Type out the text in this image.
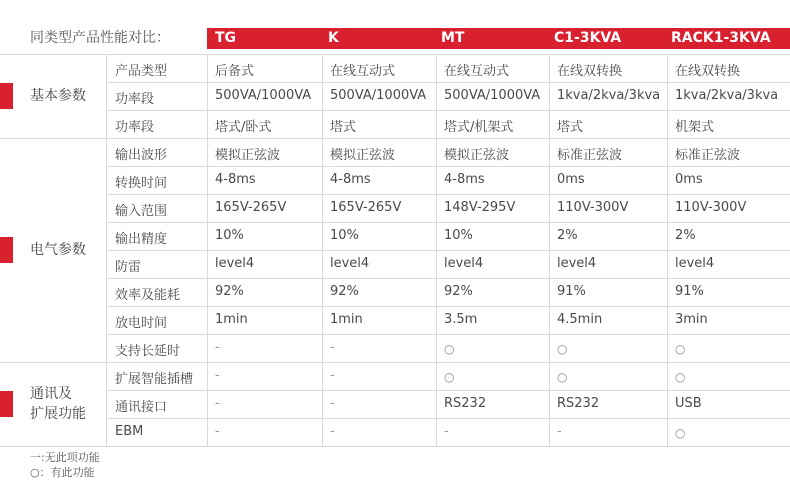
同类型产品性能对比：	TG	K	MT	C1-3KVA	RACK1-3KVA
产品类型	后备式	在线互动式	在线互动式	在线双转换	在线双转换
功率段	500VA/1000VA 500VA/1000VA 500VA/1000VA 1kva/2kva/3kva 1kva/2kva/3kva
功率段	塔式/卧式	塔式	塔式/机架式	塔式	机架式
基本参数
输出波形	模拟正弦波	模拟正弦波	模拟正弦波	标准正弦波	标准正弦波
转换时间	4-8ms	4-8ms	4-8ms	0ms	0ms
输入范围	165V-265V	165V-265V	148V-295V	110V-300V	110V-300V
输出精度	10%	10%	10%	2%	2%
防雷	level4	level4	level4	level4	level4
效率及能耗	92%	92%	92%	91%	91%
放电时间	1min	1min	3.5m	4.5min	3min
支持长延时	-	-	○	○	○
电气参数
扩展智能插槽 -	-	○	○	○
通讯接口	-	-	RS232	RS232	USB
EBM	-	-	-	-	○
通讯及
扩展功能
一:无此项功能
○：有此功能
